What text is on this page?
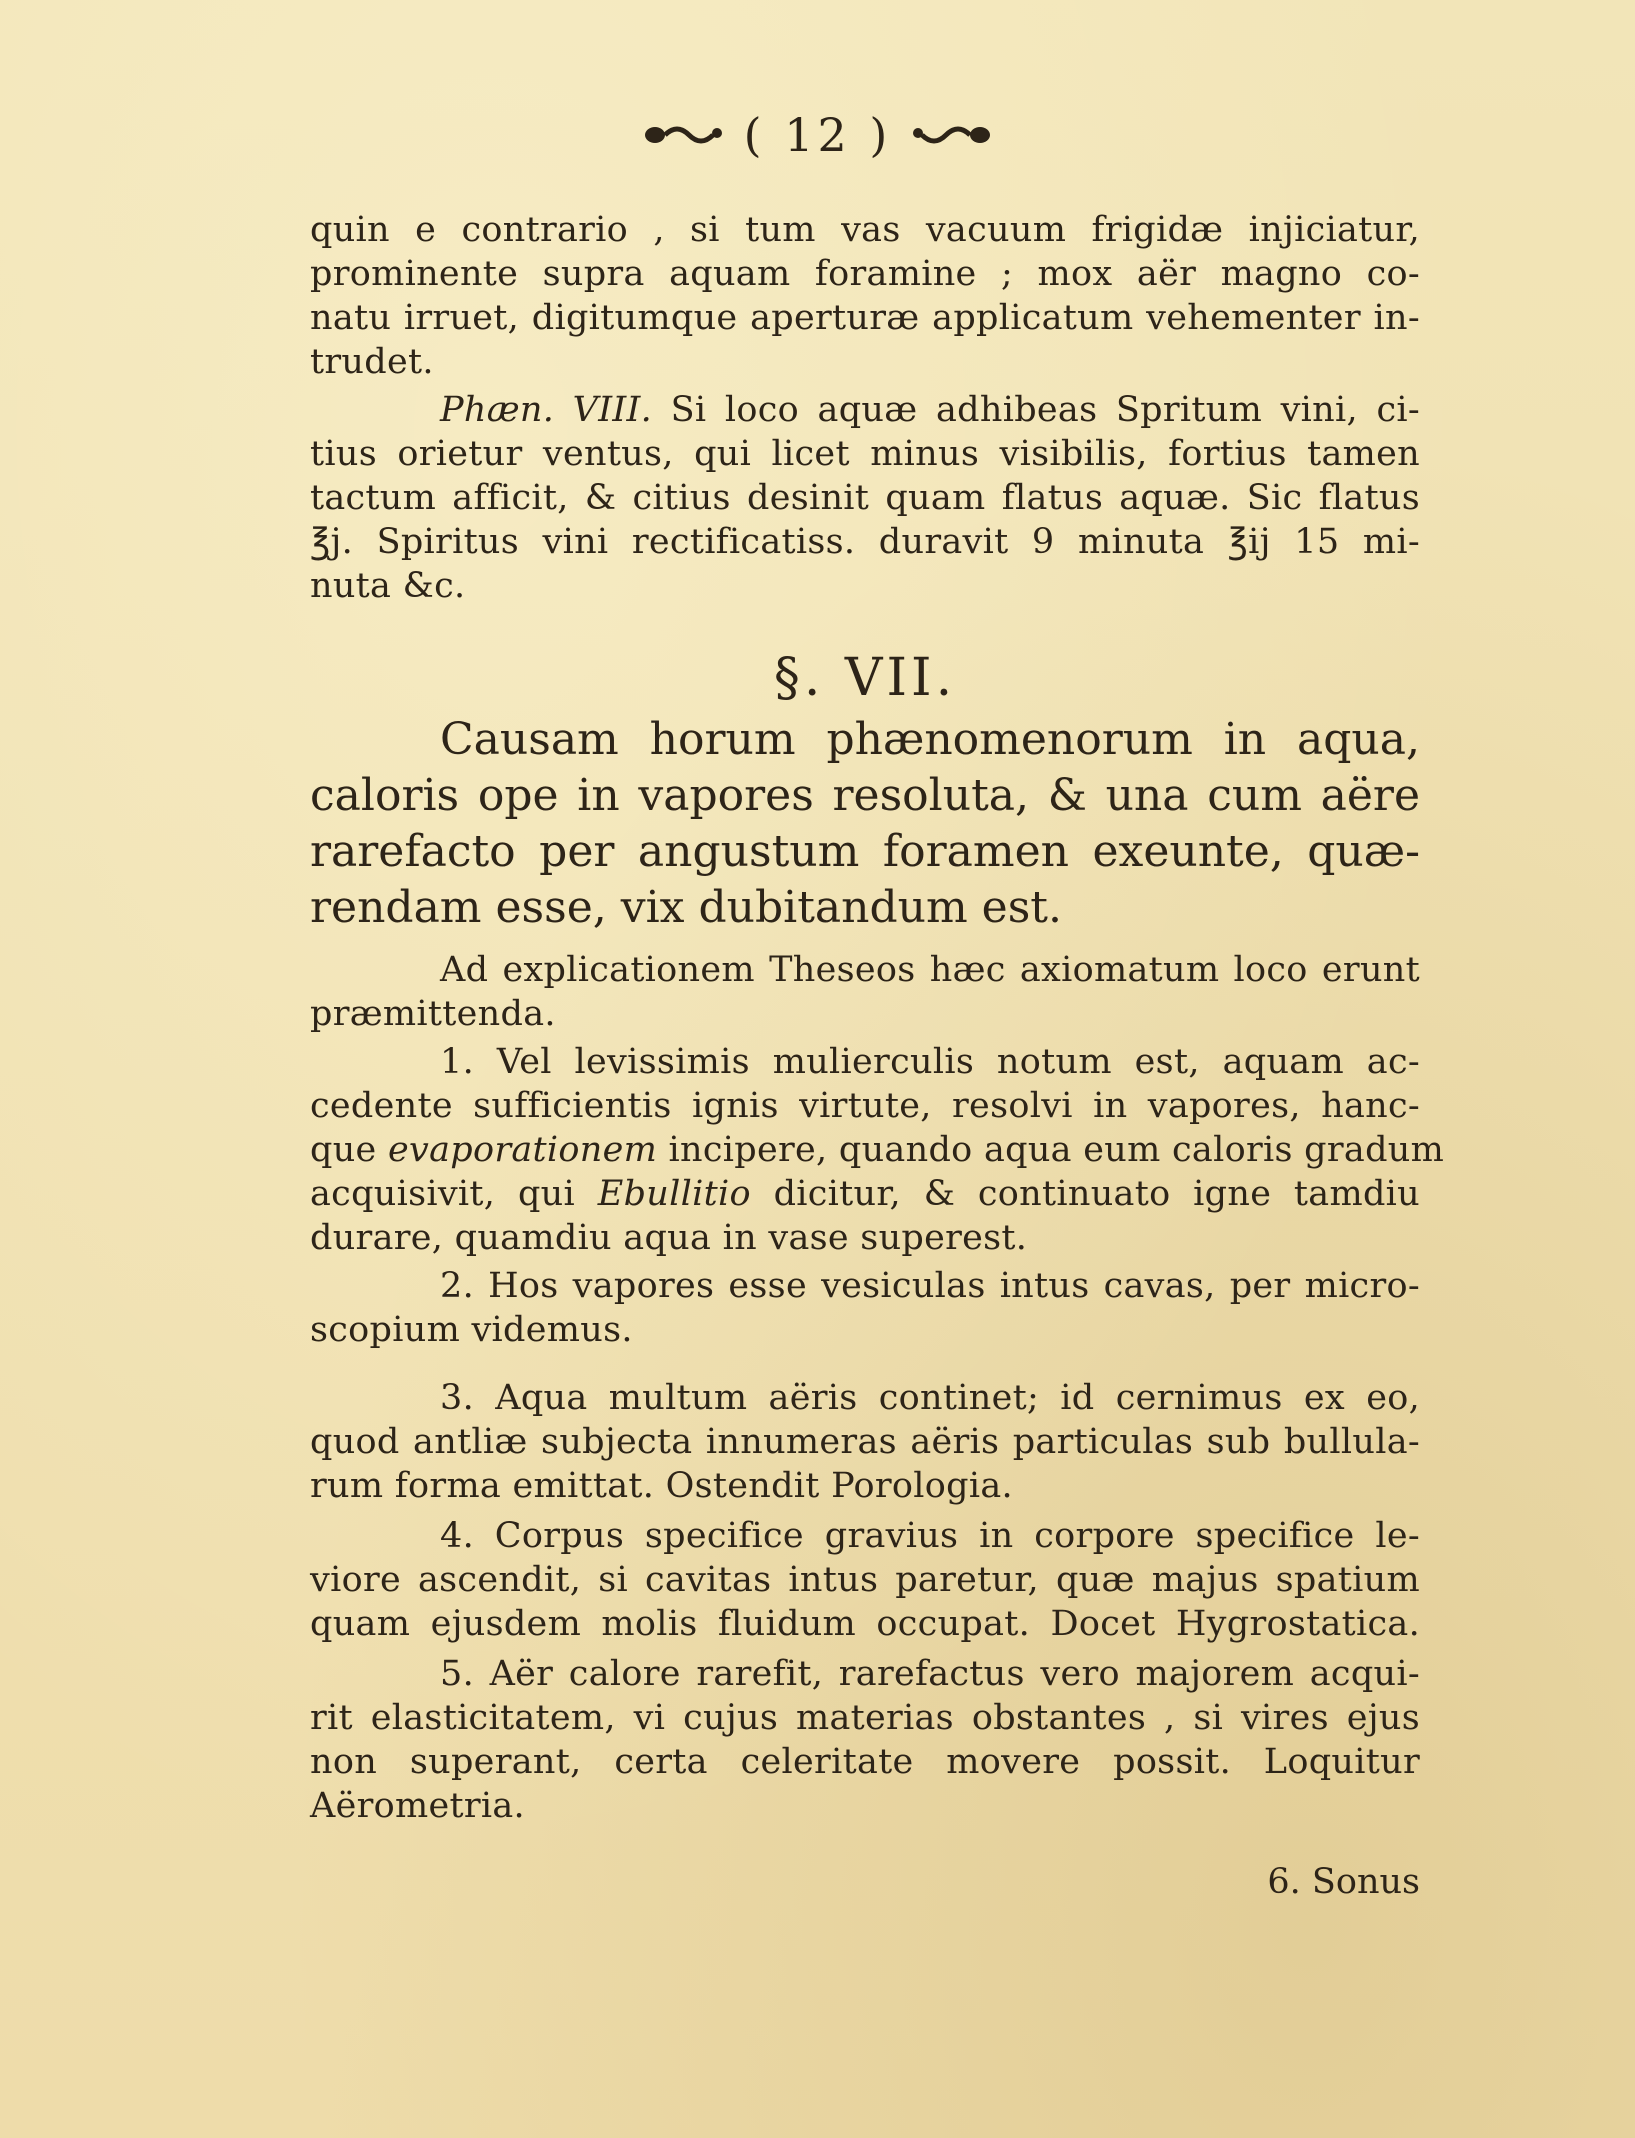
( 12 )
quin e contrario , si tum vas vacuum frigidæ injiciatur,
prominente supra aquam foramine ; mox aër magno co-
natu irruet, digitumque aperturæ applicatum vehementer in-
trudet.
Phæn. VIII. Si loco aquæ adhibeas Spritum vini, ci-
tius orietur ventus, qui licet minus visibilis, fortius tamen
tactum afficit, & citius desinit quam flatus aquæ. Sic flatus
℥j. Spiritus vini rectificatiss. duravit 9 minuta ℥ij 15 mi-
nuta &c.
§. VII.
Causam horum phænomenorum in aqua,
caloris ope in vapores resoluta, & una cum aëre
rarefacto per angustum foramen exeunte, quæ-
rendam esse, vix dubitandum est.
Ad explicationem Theseos hæc axiomatum loco erunt
præmittenda.
1. Vel levissimis mulierculis notum est, aquam ac-
cedente sufficientis ignis virtute, resolvi in vapores, hanc-
que evaporationem incipere, quando aqua eum caloris gradum
acquisivit, qui Ebullitio dicitur, & continuato igne tamdiu
durare, quamdiu aqua in vase superest.
2. Hos vapores esse vesiculas intus cavas, per micro-
scopium videmus.
3. Aqua multum aëris continet; id cernimus ex eo,
quod antliæ subjecta innumeras aëris particulas sub bullula-
rum forma emittat. Ostendit Porologia.
4. Corpus specifice gravius in corpore specifice le-
viore ascendit, si cavitas intus paretur, quæ majus spatium
quam ejusdem molis fluidum occupat. Docet Hygrostatica.
5. Aër calore rarefit, rarefactus vero majorem acqui-
rit elasticitatem, vi cujus materias obstantes , si vires ejus
non superant, certa celeritate movere possit. Loquitur
Aërometria.
6. Sonus
